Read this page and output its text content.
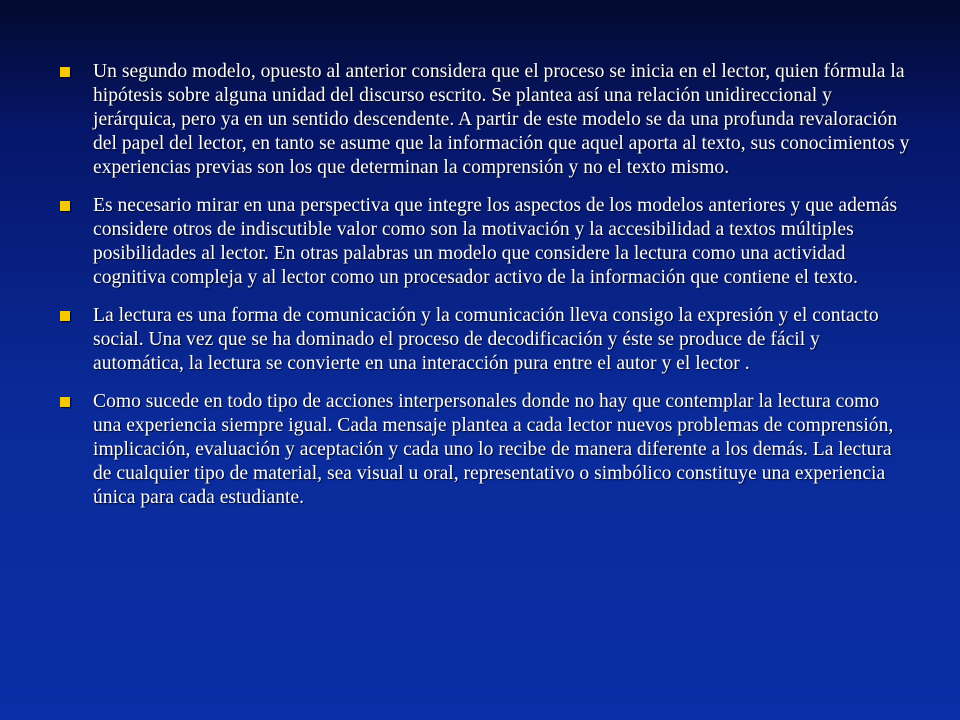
Un segundo modelo, opuesto al anterior considera que el proceso se inicia en el lector, quien fórmula la hipótesis sobre alguna unidad del discurso escrito. Se plantea así una relación unidireccional y jerárquica, pero ya en un sentido descendente. A partir de este modelo se da una profunda revaloración del papel del lector, en tanto se asume que la información que aquel aporta al texto, sus conocimientos y experiencias previas son los que determinan la comprensión y no el texto mismo.
Es necesario mirar en una perspectiva que integre los aspectos de los modelos anteriores y que además considere otros de indiscutible valor como son la motivación y la accesibilidad a textos múltiples posibilidades al lector. En otras palabras un modelo que considere la lectura como una actividad cognitiva compleja y al lector como un procesador activo de la información que contiene el texto.
La lectura es una forma de comunicación y la comunicación lleva consigo la expresión y el contacto social. Una vez que se ha dominado el proceso de decodificación y éste se produce de fácil y automática, la lectura se convierte en una interacción pura entre el autor y el lector .
Como sucede en todo tipo de acciones interpersonales donde no hay que contemplar la lectura como una experiencia siempre igual. Cada mensaje plantea a cada lector nuevos problemas de comprensión, implicación, evaluación y aceptación y cada uno lo recibe de manera diferente a los demás. La lectura de cualquier tipo de material, sea visual u oral, representativo o simbólico constituye una experiencia única para cada estudiante.
